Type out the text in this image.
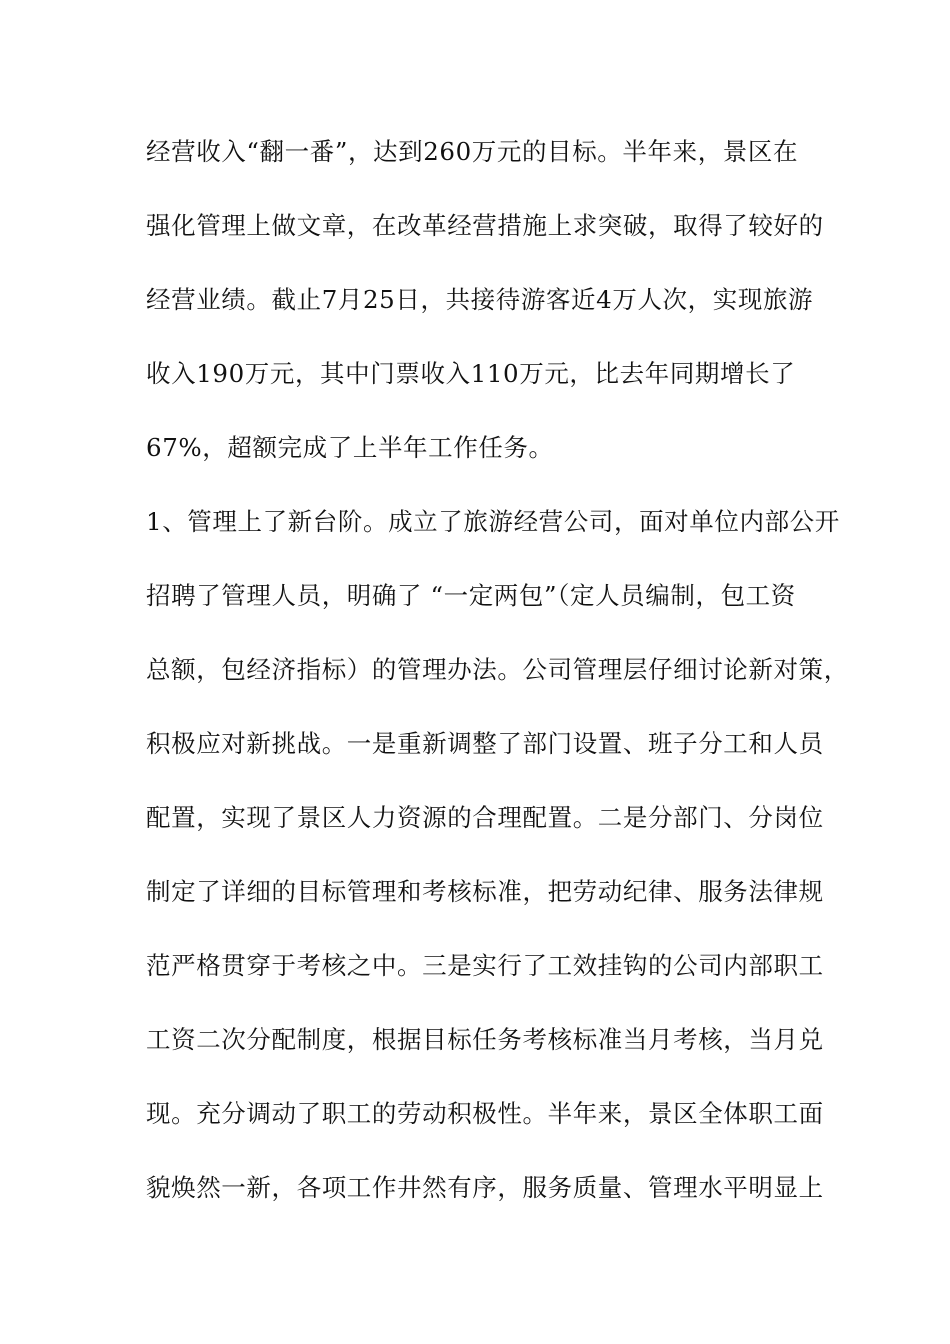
经营收入“翻一番”，达到260万元的目标。半年来，景区在
强化管理上做文章，在改革经营措施上求突破，取得了较好的
经营业绩。截止7月25日，共接待游客近4万人次，实现旅游
收入190万元，其中门票收入110万元，比去年同期增长了
67%，超额完成了上半年工作任务。
1、管理上了新台阶。成立了旅游经营公司，面对单位内部公开
招聘了管理人员，明确了 “一定两包”（定人员编制，包工资
总额，包经济指标）的管理办法。公司管理层仔细讨论新对策，
积极应对新挑战。一是重新调整了部门设置、班子分工和人员
配置，实现了景区人力资源的合理配置。二是分部门、分岗位
制定了详细的目标管理和考核标准，把劳动纪律、服务法律规
范严格贯穿于考核之中。三是实行了工效挂钩的公司内部职工
工资二次分配制度，根据目标任务考核标准当月考核，当月兑
现。充分调动了职工的劳动积极性。半年来，景区全体职工面
貌焕然一新，各项工作井然有序，服务质量、管理水平明显上
